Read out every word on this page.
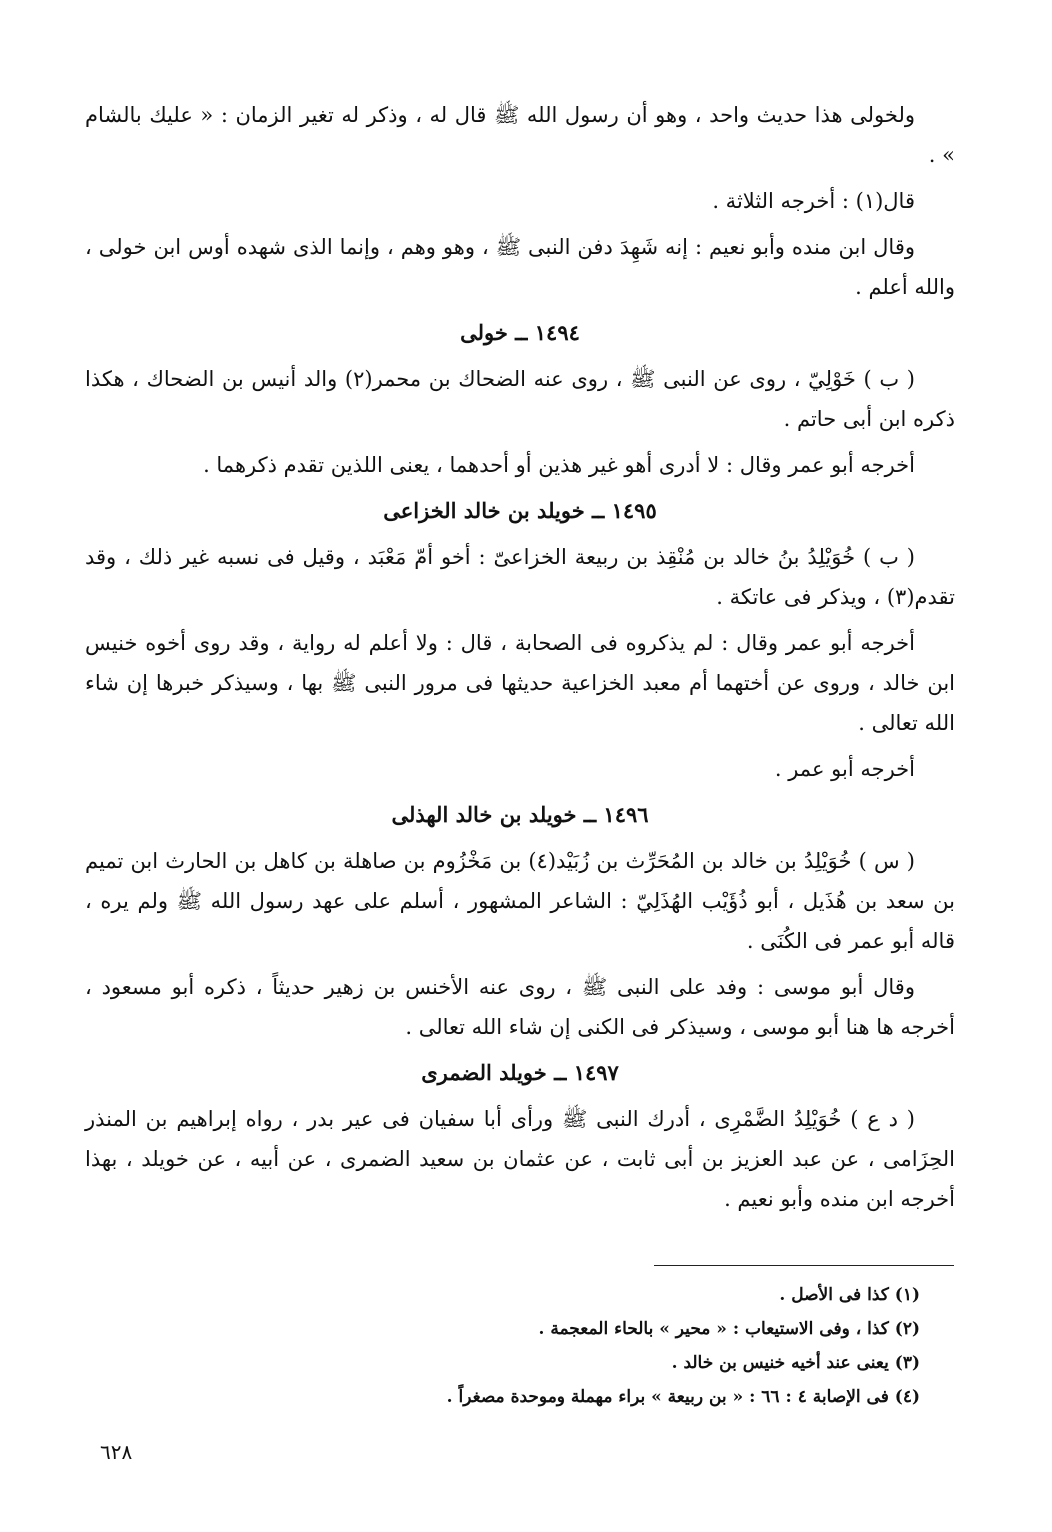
ولخولى هذا حديث واحد ، وهو أن رسول الله ﷺ قال له ، وذكر له تغير الزمان : « عليك بالشام » .

قال(١) : أخرجه الثلاثة .

وقال ابن منده وأبو نعيم : إنه شَهِدَ دفن النبى ﷺ ، وهو وهم ، وإنما الذى شهده أوس ابن خولى ، والله أعلم .

١٤٩٤ ــ خولى

( ب ) خَوْلِيّ ، روى عن النبى ﷺ ، روى عنه الضحاك بن محمر(٢) والد أنيس بن الضحاك ، هكذا ذكره ابن أبى حاتم .

أخرجه أبو عمر وقال : لا أدرى أهو غير هذين أو أحدهما ، يعنى اللذين تقدم ذكرهما .

١٤٩٥ ــ خويلد بن خالد الخزاعى

( ب ) خُوَيْلِدُ بنُ خالد بن مُنْقِذ بن ربيعة الخزاعىّ : أخو أمّ مَعْبَد ، وقيل فى نسبه غير ذلك ، وقد تقدم(٣) ، ويذكر فى عاتكة .

أخرجه أبو عمر وقال : لم يذكروه فى الصحابة ، قال : ولا أعلم له رواية ، وقد روى أخوه خنيس ابن خالد ، وروى عن أختهما أم معبد الخزاعية حديثها فى مرور النبى ﷺ بها ، وسيذكر خبرها إن شاء الله تعالى .

أخرجه أبو عمر .

١٤٩٦ ــ خويلد بن خالد الهذلى

( س ) خُوَيْلِدُ بن خالد بن المُحَرِّث بن زُبَيْد(٤) بن مَخْزُوم بن صاهلة بن كاهل بن الحارث ابن تميم بن سعد بن هُذَيل ، أبو ذُؤَيْب الهُذَلِيّ : الشاعر المشهور ، أسلم على عهد رسول الله ﷺ ولم يره ، قاله أبو عمر فى الكُنَى .

وقال أبو موسى : وفد على النبى ﷺ ، روى عنه الأخنس بن زهير حديثاً ، ذكره أبو مسعود ، أخرجه ها هنا أبو موسى ، وسيذكر فى الكنى إن شاء الله تعالى .

١٤٩٧ ــ خويلد الضمرى

( د ع ) خُوَيْلِدُ الضَّمْرِى ، أدرك النبى ﷺ ورأى أبا سفيان فى عير بدر ، رواه إبراهيم بن المنذر الحِزَامى ، عن عبد العزيز بن أبى ثابت ، عن عثمان بن سعيد الضمرى ، عن أبيه ، عن خويلد ، بهذا أخرجه ابن منده وأبو نعيم .

(١) كذا فى الأصل .

(٢) كذا ، وفى الاستيعاب : « محير » بالحاء المعجمة .

(٣) يعنى عند أخيه خنيس بن خالد .

(٤) فى الإصابة ٤ : ٦٦ : « بن ربيعة » براء مهملة وموحدة مصغراً .

٦٢٨
